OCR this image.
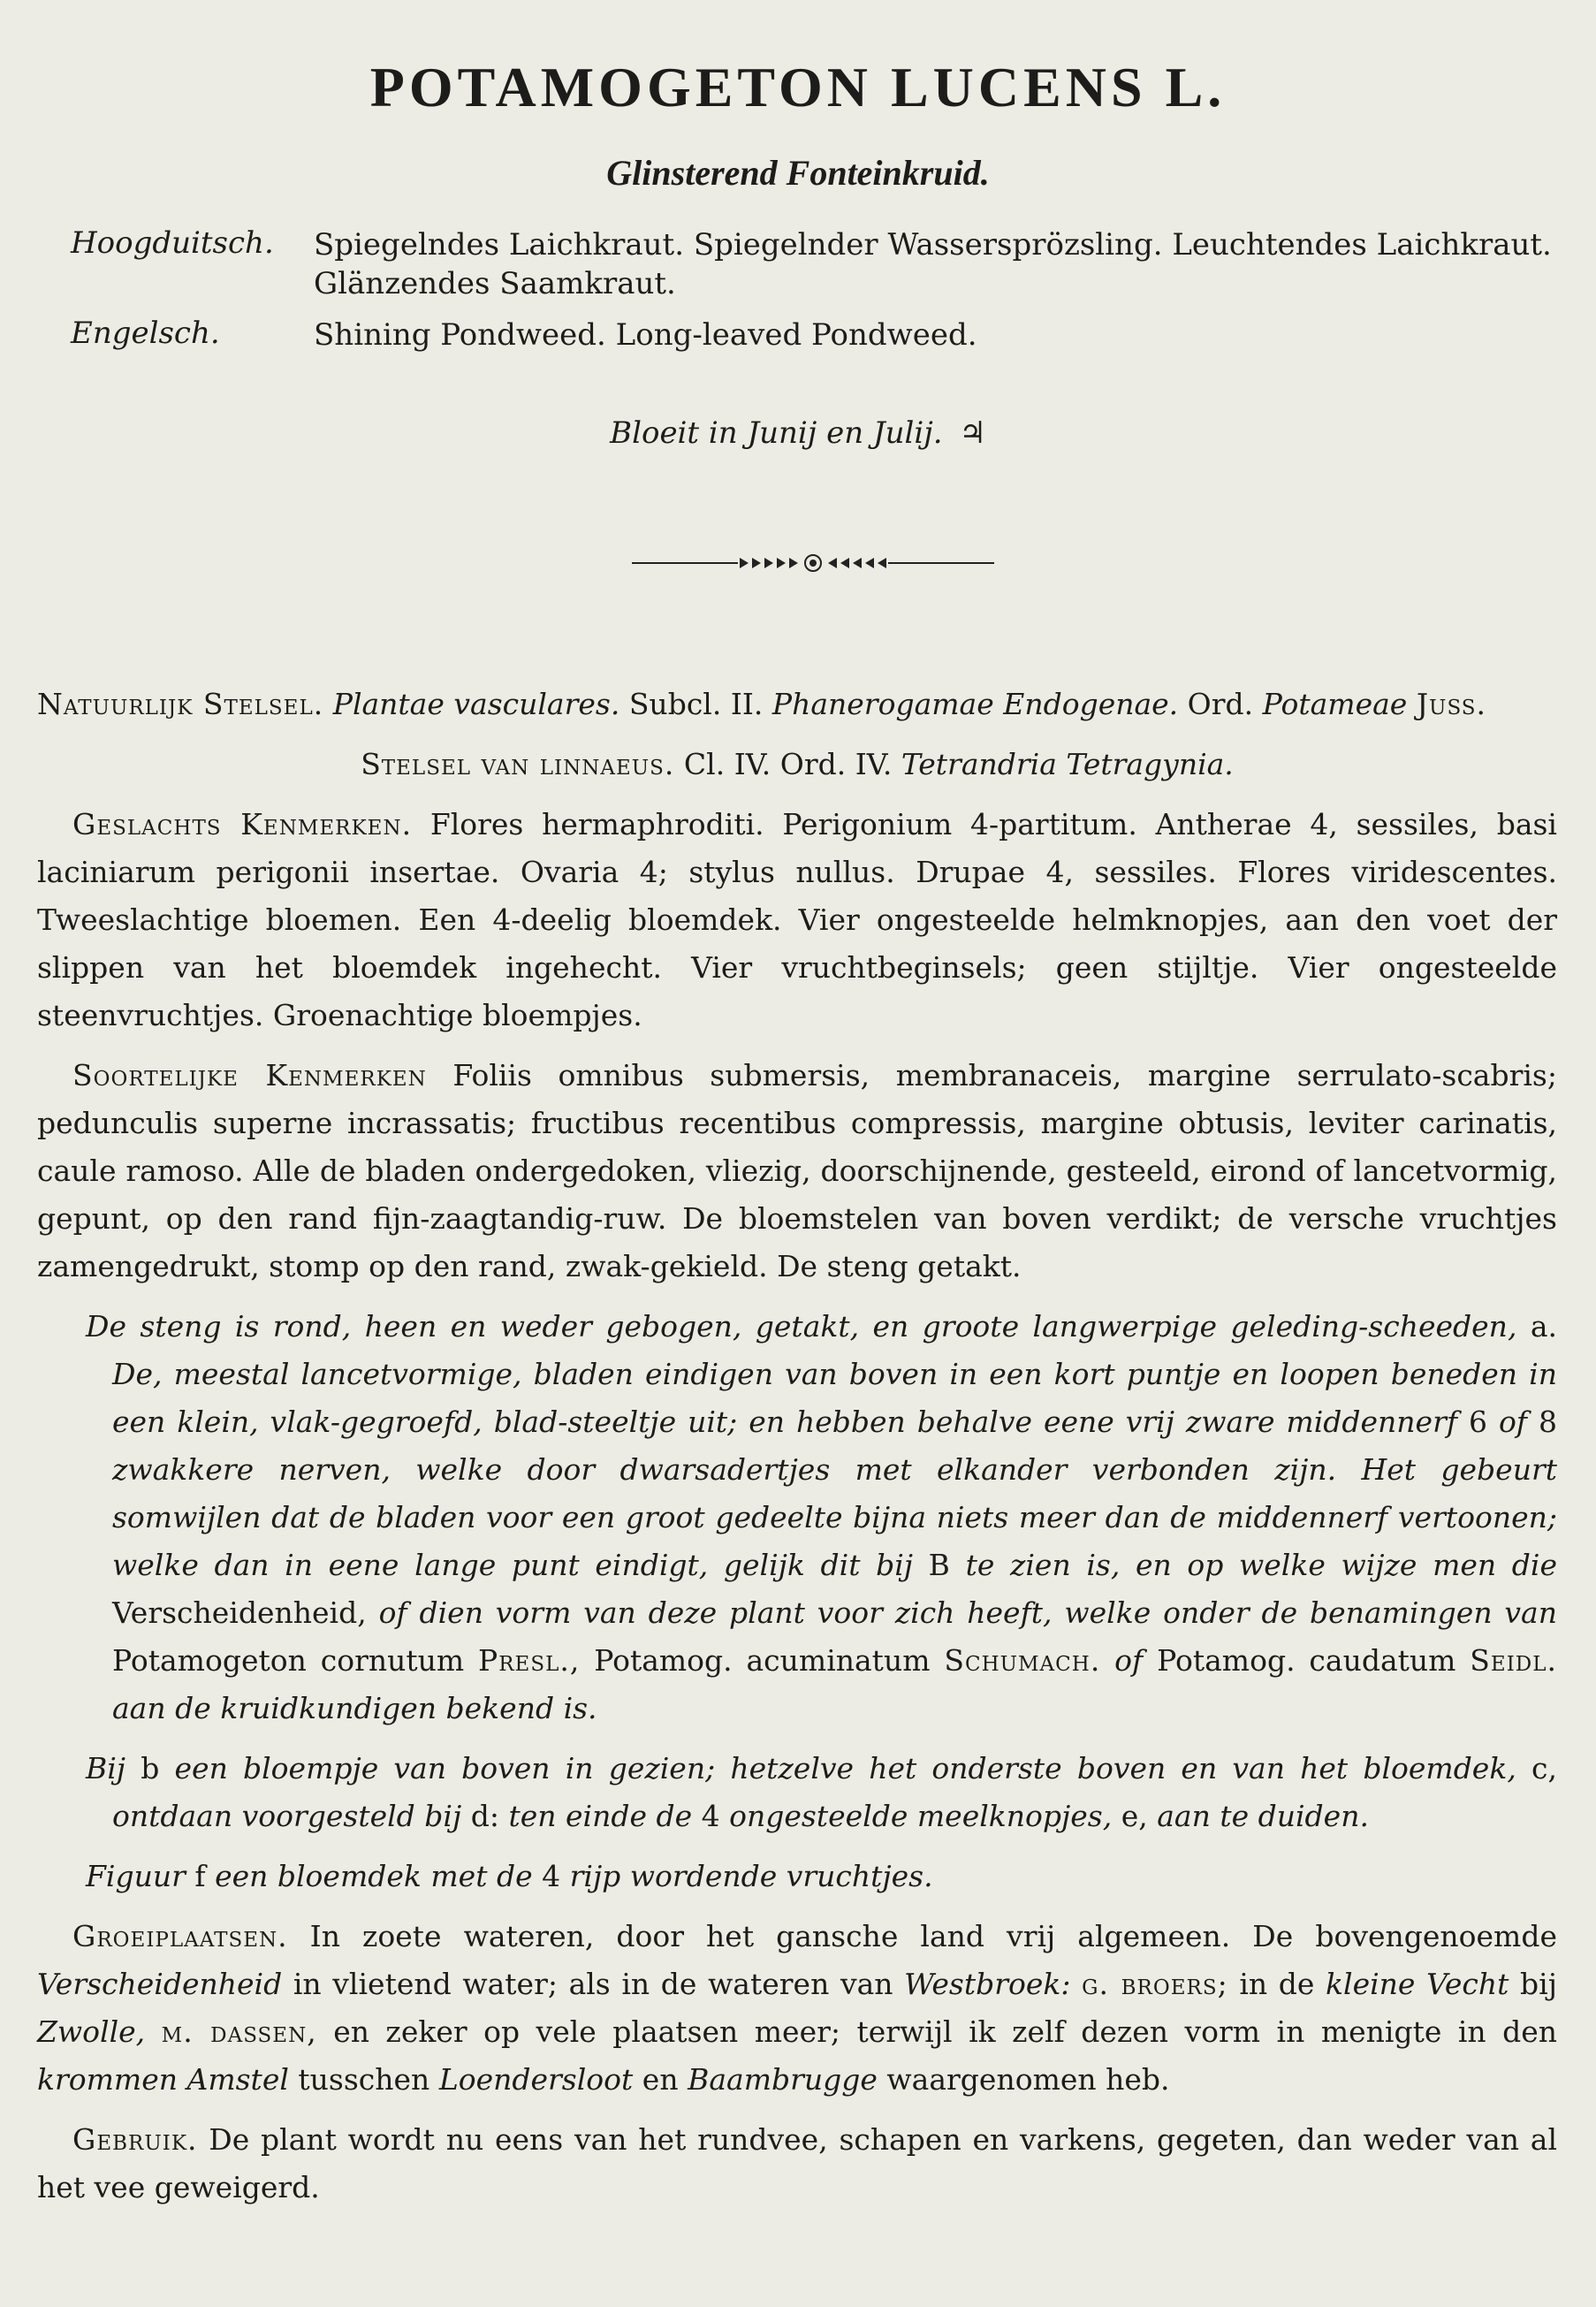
POTAMOGETON LUCENS L.
Glinsterend Fonteinkruid.
Hoogduitsch.	Spiegelndes Laichkraut. Spiegelnder Wassersprözsling. Leuchtendes Laichkraut. Glänzendes Saamkraut.
Engelsch.	Shining Pondweed. Long-leaved Pondweed.
Bloeit in Junij en Julij. ♃

Natuurlijk Stelsel. Plantae vasculares. Subcl. II. Phanerogamae Endogenae. Ord. Potameae Juss.

Stelsel van linnaeus. Cl. IV. Ord. IV. Tetrandria Tetragynia.

Geslachts Kenmerken. Flores hermaphroditi. Perigonium 4-partitum. Antherae 4, sessiles, basi laciniarum perigonii insertae. Ovaria 4; stylus nullus. Drupae 4, sessiles. Flores viridescentes. Tweeslachtige bloemen. Een 4-deelig bloemdek. Vier ongesteelde helmknopjes, aan den voet der slippen van het bloemdek ingehecht. Vier vruchtbeginsels; geen stijltje. Vier ongesteelde steenvruchtjes. Groenachtige bloempjes.

Soortelijke Kenmerken Foliis omnibus submersis, membranaceis, margine serrulato-scabris; pedunculis superne incrassatis; fructibus recentibus compressis, margine obtusis, leviter carinatis, caule ramoso. Alle de bladen ondergedoken, vliezig, doorschijnende, gesteeld, eirond of lancetvormig, gepunt, op den rand fijn-zaagtandig-ruw. De bloemstelen van boven verdikt; de versche vruchtjes zamengedrukt, stomp op den rand, zwak-gekield. De steng getakt.

De steng is rond, heen en weder gebogen, getakt, en groote langwerpige geleding-scheeden, a. De, meestal lancetvormige, bladen eindigen van boven in een kort puntje en loopen beneden in een klein, vlak-gegroefd, blad-steeltje uit; en hebben behalve eene vrij zware middennerf 6 of 8 zwakkere nerven, welke door dwarsadertjes met elkander verbonden zijn. Het gebeurt somwijlen dat de bladen voor een groot gedeelte bijna niets meer dan de middennerf vertoonen; welke dan in eene lange punt eindigt, gelijk dit bij B te zien is, en op welke wijze men die Verscheidenheid, of dien vorm van deze plant voor zich heeft, welke onder de benamingen van Potamogeton cornutum Presl., Potamog. acuminatum Schumach. of Potamog. caudatum Seidl. aan de kruidkundigen bekend is.

Bij b een bloempje van boven in gezien; hetzelve het onderste boven en van het bloemdek, c, ontdaan voorgesteld bij d: ten einde de 4 ongesteelde meelknopjes, e, aan te duiden.

Figuur f een bloemdek met de 4 rijp wordende vruchtjes.

Groeiplaatsen. In zoete wateren, door het gansche land vrij algemeen. De bovengenoemde Verscheidenheid in vlietend water; als in de wateren van Westbroek: g. broers; in de kleine Vecht bij Zwolle, m. dassen, en zeker op vele plaatsen meer; terwijl ik zelf dezen vorm in menigte in den krommen Amstel tusschen Loendersloot en Baambrugge waargenomen heb.

Gebruik. De plant wordt nu eens van het rundvee, schapen en varkens, gegeten, dan weder van al het vee geweigerd.
